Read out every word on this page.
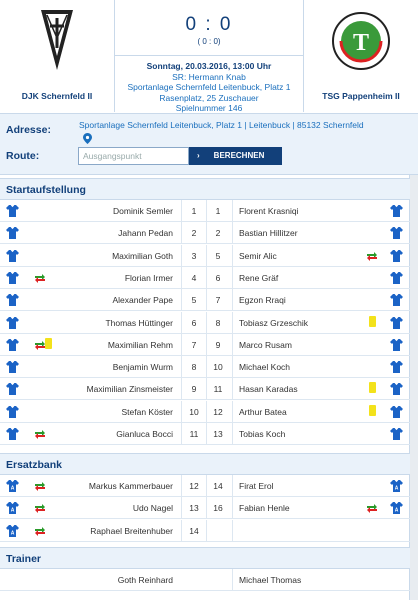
DJK Schernfeld II
0 : 0
( 0 : 0)
Sonntag, 20.03.2016, 13:00 Uhr
SR: Hermann Knab
Sportanlage Schernfeld Leitenbuck, Platz 1
Rasenplatz, 25 Zuschauer
Spielnummer 146
T
TSG Pappenheim II
Adresse:	Sportanlage Schernfeld Leitenbuck, Platz 1 | Leitenbuck | 85132 Schernfeld
Route:	Ausgangspunkt	› BERECHNEN
Startaufstellung
Dominik Semler	1	1	Florent Krasniqi
Jahann Pedan	2	2	Bastian Hillitzer
Maximilian Goth	3	5	Semir Alic
Florian Irmer	4	6	Rene Gräf
Alexander Pape	5	7	Egzon Rraqi
Thomas Hüttinger	6	8	Tobiasz Grzeschik
Maximilian Rehm	7	9	Marco Rusam
Benjamin Wurm	8	10	Michael Koch
Maximilian Zinsmeister	9	11	Hasan Karadas
Stefan Köster	10	12	Arthur Batea
Gianluca Bocci	11	13	Tobias Koch
Ersatzbank
A	Markus Kammerbauer	12	14	Firat Erol	A
A	Udo Nagel	13	16	Fabian Henle	A
A	Raphael Breitenhuber	14
Trainer
Goth Reinhard	Michael Thomas
